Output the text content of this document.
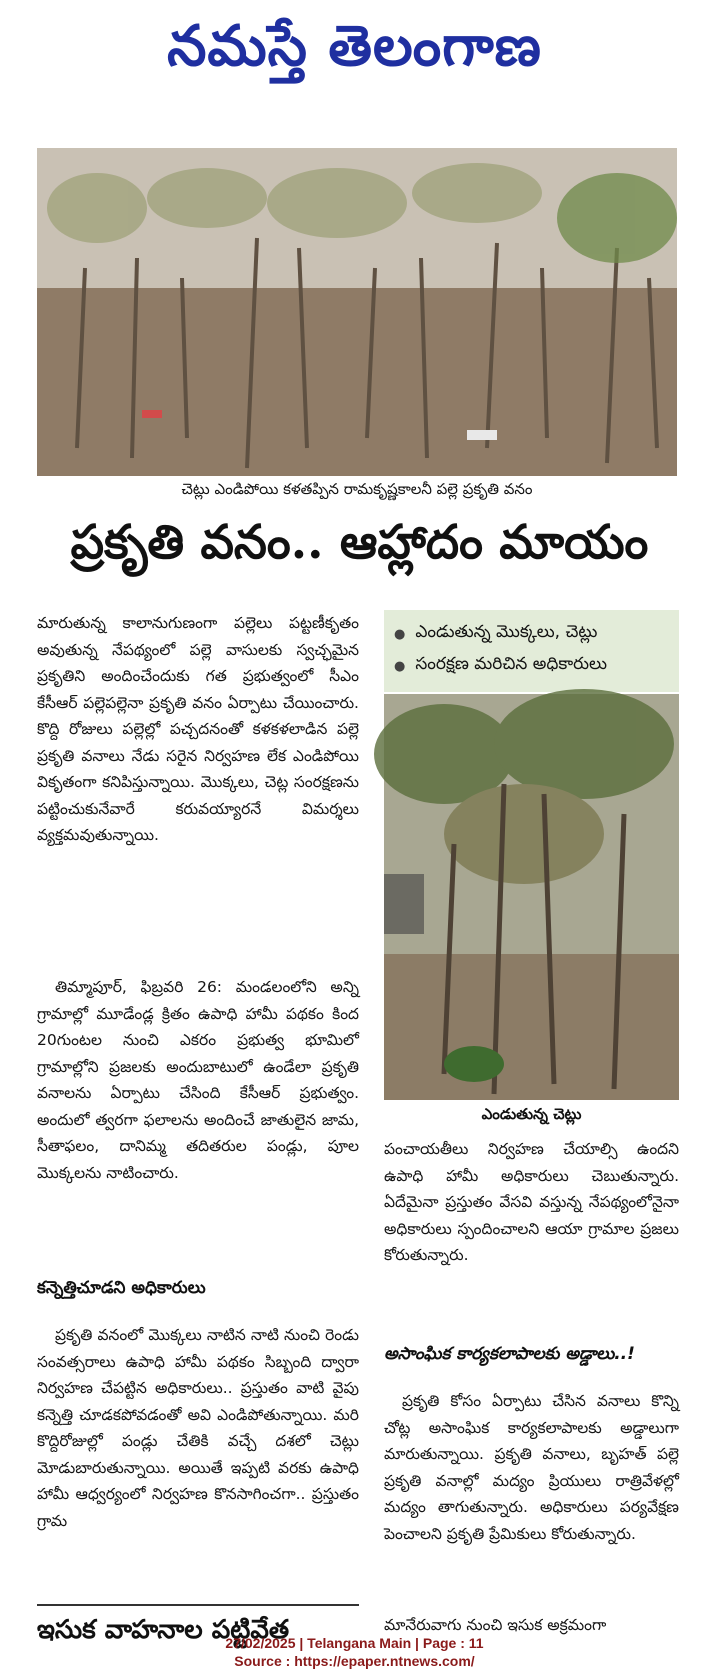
నమస్తే తెలంగాణ
చెట్లు ఎండిపోయి కళతప్పిన రామకృష్ణకాలనీ పల్లె ప్రకృతి వనం
ప్రకృతి వనం.. ఆహ్లాదం మాయం
మారుతున్న కాలానుగుణంగా పల్లెలు పట్టణీకృతం అవుతున్న నేపథ్యంలో పల్లె వాసులకు స్వచ్ఛమైన ప్రకృతిని అందించేందుకు గత ప్రభుత్వంలో సీఎం కేసీఆర్ పల్లెపల్లెనా ప్రకృతి వనం ఏర్పాటు చేయించారు. కొద్ది రోజులు పల్లెల్లో పచ్చదనంతో కళకళలాడిన పల్లె ప్రకృతి వనాలు నేడు సరైన నిర్వహణ లేక ఎండిపోయి వికృతంగా కనిపిస్తున్నాయి. మొక్కలు, చెట్ల సంరక్షణను పట్టించుకునేవారే కరువయ్యారనే విమర్శలు వ్యక్తమవుతున్నాయి.
● ఎండుతున్న మొక్కలు, చెట్లు
● సంరక్షణ మరిచిన అధికారులు
ఎండుతున్న చెట్లు
తిమ్మాపూర్, ఫిబ్రవరి 26: మండలంలోని అన్ని గ్రామాల్లో మూడేండ్ల క్రితం ఉపాధి హామీ పథకం కింద 20గుంటల నుంచి ఎకరం ప్రభుత్వ భూమిలో గ్రామాల్లోని ప్రజలకు అందుబాటులో ఉండేలా ప్రకృతి వనాలను ఏర్పాటు చేసింది కేసీఆర్ ప్రభుత్వం. అందులో త్వరగా ఫలాలను అందించే జాతులైన జామ, సీతాఫలం, దానిమ్మ తదితరుల పండ్లు, పూల మొక్కలను నాటించారు.
కన్నెత్తిచూడని అధికారులు
ప్రకృతి వనంలో మొక్కలు నాటిన నాటి నుంచి రెండు సంవత్సరాలు ఉపాధి హామీ పథకం సిబ్బంది ద్వారా నిర్వహణ చేపట్టిన అధికారులు.. ప్రస్తుతం వాటి వైపు కన్నెత్తి చూడకపోవడంతో అవి ఎండిపోతున్నాయి. మరి కొద్దిరోజుల్లో పండ్లు చేతికి వచ్చే దశలో చెట్లు మోడుబారుతున్నాయి. అయితే ఇప్పటి వరకు ఉపాధి హామీ ఆధ్వర్యంలో నిర్వహణ కొనసాగించగా.. ప్రస్తుతం గ్రామ
పంచాయతీలు నిర్వహణ చేయాల్సి ఉందని ఉపాధి హామీ అధికారులు చెబుతున్నారు. ఏదేమైనా ప్రస్తుతం వేసవి వస్తున్న నేపథ్యంలోనైనా అధికారులు స్పందించాలని ఆయా గ్రామాల ప్రజలు కోరుతున్నారు.
అసాంఘిక కార్యకలాపాలకు అడ్డాలు..!
ప్రకృతి కోసం ఏర్పాటు చేసిన వనాలు కొన్ని చోట్ల అసాంఘిక కార్యకలాపాలకు అడ్డాలుగా మారుతున్నాయి. ప్రకృతి వనాలు, బృహత్ పల్లె ప్రకృతి వనాల్లో మద్యం ప్రియులు రాత్రివేళల్లో మద్యం తాగుతున్నారు. అధికారులు పర్యవేక్షణ పెంచాలని ప్రకృతి ప్రేమికులు కోరుతున్నారు.
ఇసుక వాహనాల పట్టివేత	మానేరువాగు నుంచి ఇసుక అక్రమంగా
27/02/2025 | Telangana Main | Page : 11
Source : https://epaper.ntnews.com/
